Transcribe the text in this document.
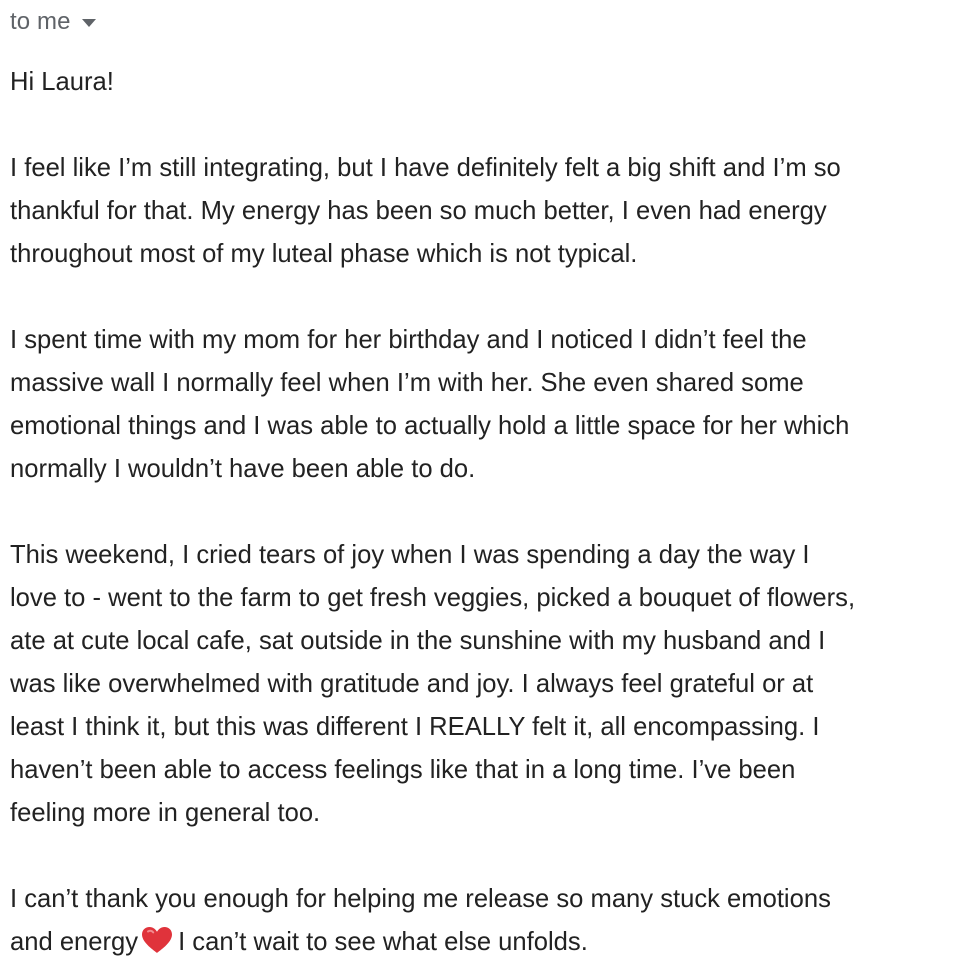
to me

Hi Laura!

I feel like I’m still integrating, but I have definitely felt a big shift and I’m so
thankful for that. My energy has been so much better, I even had energy
throughout most of my luteal phase which is not typical.

I spent time with my mom for her birthday and I noticed I didn’t feel the
massive wall I normally feel when I’m with her. She even shared some
emotional things and I was able to actually hold a little space for her which
normally I wouldn’t have been able to do.

This weekend, I cried tears of joy when I was spending a day the way I
love to - went to the farm to get fresh veggies, picked a bouquet of flowers,
ate at cute local cafe, sat outside in the sunshine with my husband and I
was like overwhelmed with gratitude and joy. I always feel grateful or at
least I think it, but this was different I REALLY felt it, all encompassing. I
haven’t been able to access feelings like that in a long time. I’ve been
feeling more in general too.

I can’t thank you enough for helping me release so many stuck emotions
and energy I can’t wait to see what else unfolds.
